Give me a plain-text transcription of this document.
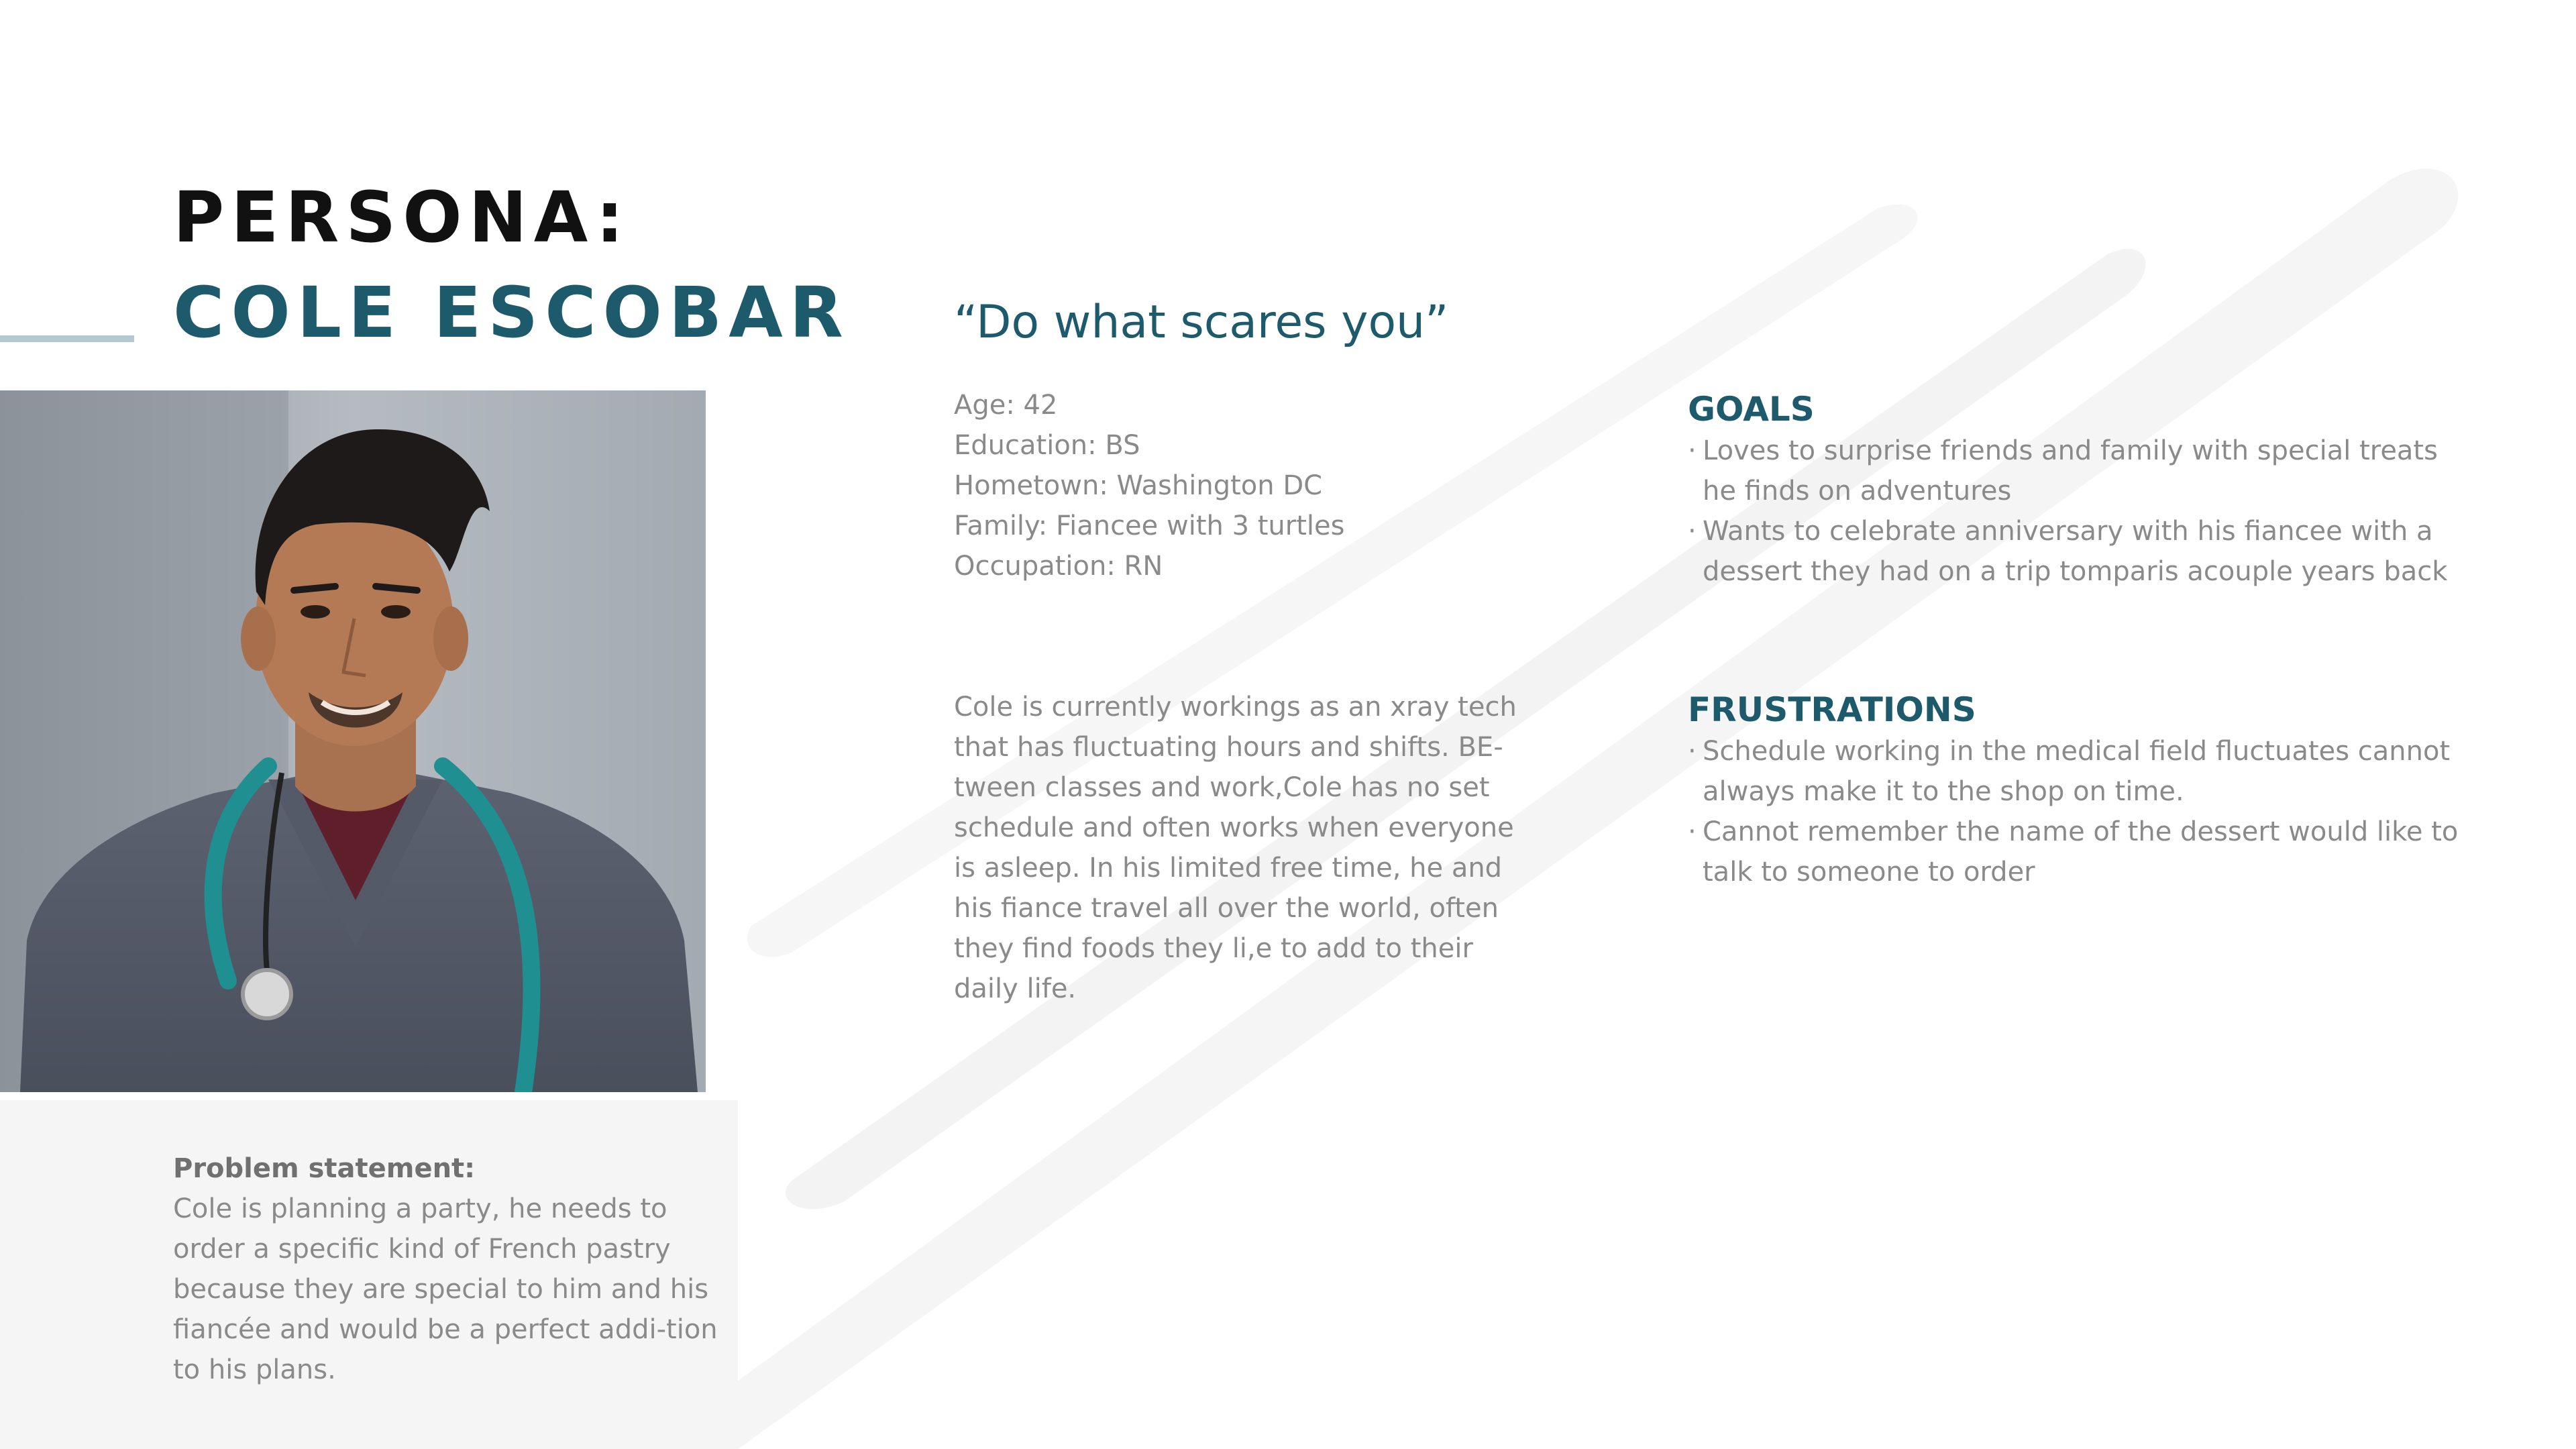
PERSONA:
COLE ESCOBAR “Do what scares you”
Age: 42
Education: BS
Hometown: Washington DC
Family: Fiancee with 3 turtles
Occupation: RN
Cole is currently workings as an xray tech that has fluctuating hours and shifts. BE-tween classes and work,Cole has no set schedule and often works when everyone is asleep. In his limited free time, he and his fiance travel all over the world, often they find foods they li,e to add to their daily life.
Problem statement:
Cole is planning a party, he needs to order a specific kind of French pastry because they are special to him and his fiancée and would be a perfect addi-tion to his plans.
GOALS
· Loves to surprise friends and family with special treats he finds on adventures
· Wants to celebrate anniversary with his fiancee with a dessert they had on a trip tomparis acouple years back
FRUSTRATIONS
· Schedule working in the medical field fluctuates cannot always make it to the shop on time.
· Cannot remember the name of the dessert would like to talk to someone to order
